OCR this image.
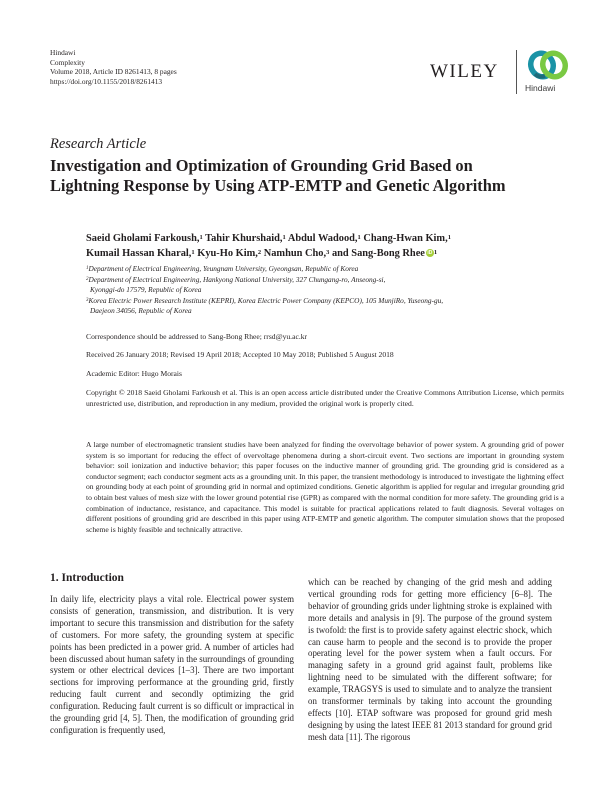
Hindawi
Complexity
Volume 2018, Article ID 8261413, 8 pages
https://doi.org/10.1155/2018/8261413	WILEY
Hindawi
Research Article
Investigation and Optimization of Grounding Grid Based on
Lightning Response by Using ATP-EMTP and Genetic Algorithm
Saeid Gholami Farkoush,$^1$ Tahir Khurshaid,$^1$ Abdul Wadood,$^1$ Chang-Hwan Kim,$^1$
Kumail Hassan Kharal,$^1$ Kyu-Ho Kim,$^2$ Namhun Cho,$^3$ and Sang-Bong Rhee iD $^1$
$^1$Department of Electrical Engineering, Yeungnam University, Gyeongsan, Republic of Korea
$^2$Department of Electrical Engineering, Hankyong National University, 327 Chungang-ro, Anseong-si,
Kyonggi-do 17579, Republic of Korea
$^3$Korea Electric Power Research Institute (KEPRI), Korea Electric Power Company (KEPCO), 105 MunjiRo, Yuseong-gu,
Daejeon 34056, Republic of Korea
Correspondence should be addressed to Sang-Bong Rhee; rrsd@yu.ac.kr
Received 26 January 2018; Revised 19 April 2018; Accepted 10 May 2018; Published 5 August 2018
Academic Editor: Hugo Morais

Copyright © 2018 Saeid Gholami Farkoush et al. This is an open access article distributed under the Creative Commons Attribution License, which permits unrestricted use, distribution, and reproduction in any medium, provided the original work is properly cited.

A large number of electromagnetic transient studies have been analyzed for finding the overvoltage behavior of power system. A grounding grid of power system is so important for reducing the effect of overvoltage phenomena during a short-circuit event. Two sections are important in grounding system behavior: soil ionization and inductive behavior; this paper focuses on the inductive manner of grounding grid. The grounding grid is considered as a conductor segment; each conductor segment acts as a grounding unit. In this paper, the transient methodology is introduced to investigate the lightning effect on grounding body at each point of grounding grid in normal and optimized conditions. Genetic algorithm is applied for regular and irregular grounding grid to obtain best values of mesh size with the lower ground potential rise (GPR) as compared with the normal condition for more safety. The grounding grid is a combination of inductance, resistance, and capacitance. This model is suitable for practical applications related to fault diagnosis. Several voltages on different positions of grounding grid are described in this paper using ATP-EMTP and genetic algorithm. The computer simulation shows that the proposed scheme is highly feasible and technically attractive.

1. Introduction

In daily life, electricity plays a vital role. Electrical power system consists of generation, transmission, and distribution. It is very important to secure this transmission and distribution for the safety of customers. For more safety, the grounding system at specific points has been predicted in a power grid. A number of articles had been discussed about human safety in the surroundings of grounding system or other electrical devices [1–3]. There are two important sections for improving performance at the grounding grid, firstly reducing fault current and secondly optimizing the grid configuration. Reducing fault current is so difficult or impractical in the grounding grid [4, 5]. Then, the modification of grounding grid configuration is frequently used,

which can be reached by changing of the grid mesh and adding vertical grounding rods for getting more efficiency [6–8]. The behavior of grounding grids under lightning stroke is explained with more details and analysis in [9]. The purpose of the ground system is twofold: the first is to provide safety against electric shock, which can cause harm to people and the second is to provide the proper operating level for the power system when a fault occurs. For managing safety in a ground grid against fault, problems like lightning need to be simulated with the different software; for example, TRAGSYS is used to simulate and to analyze the transient on transformer terminals by taking into account the grounding effects [10]. ETAP software was proposed for ground grid mesh designing by using the latest IEEE 81 2013 standard for ground grid mesh data [11]. The rigorous
